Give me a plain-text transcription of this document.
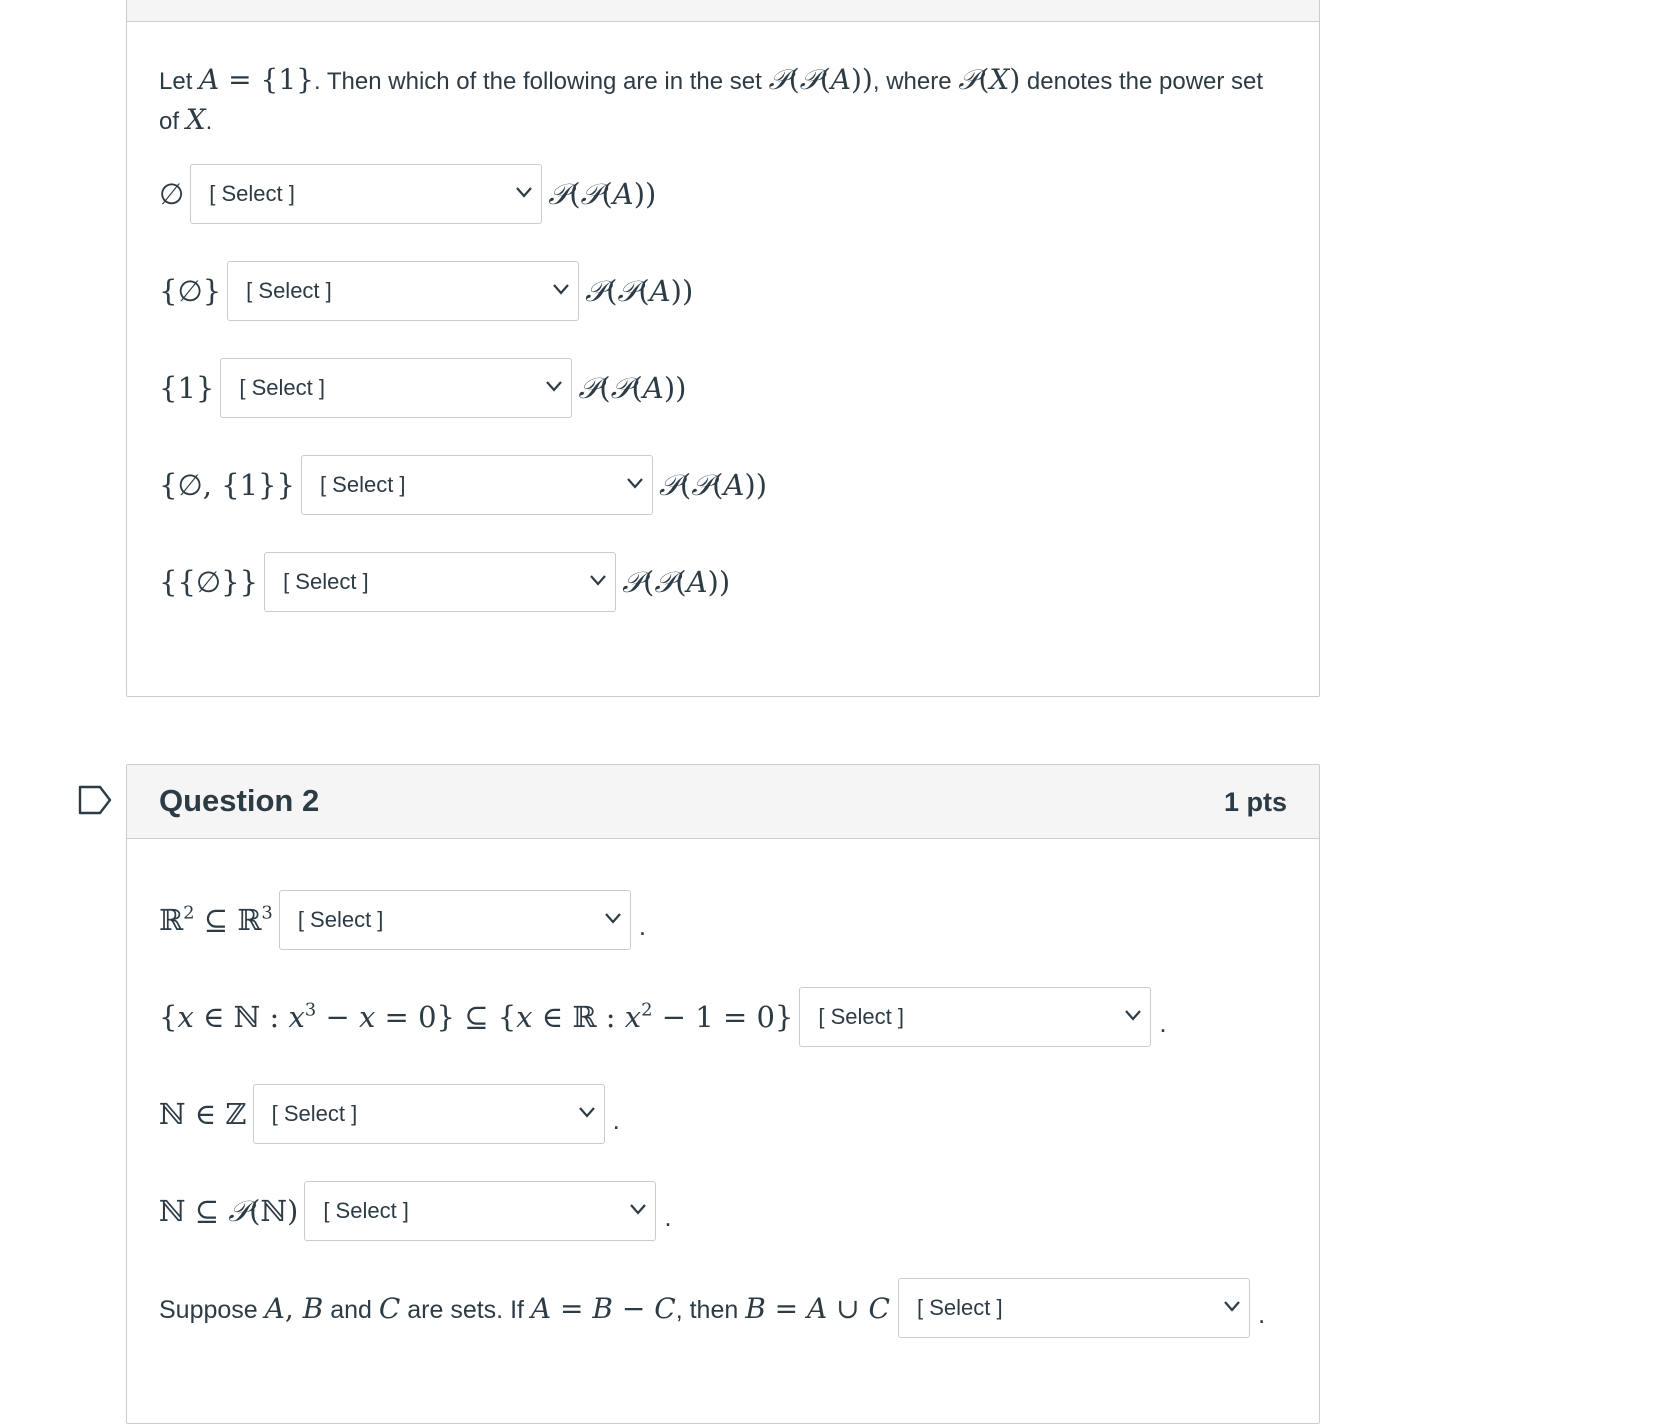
Let A = {1}. Then which of the following are in the set 𝒫(𝒫(A)), where 𝒫(X) denotes the power set of X.
∅ [ Select ]	𝒫(𝒫(A))
{∅} [ Select ]	𝒫(𝒫(A))
{1} [ Select ]	𝒫(𝒫(A))
{∅, {1}} [ Select ]	𝒫(𝒫(A))
{{∅}} [ Select ]	𝒫(𝒫(A))
Question 2	1 pts
ℝ$^2$ ⊆ ℝ$^3$ [ Select ]	.
{x ∈ ℕ : $x^3 - x = 0$} ⊆ {x ∈ ℝ : $x^2 - 1 = 0$} [ Select ]	.
ℕ ∈ ℤ [ Select ]	.
ℕ ⊆ 𝒫(ℕ) [ Select ]	.
Suppose A, B and C are sets. If A = B − C, then B = A ∪ C [ Select ]	.
